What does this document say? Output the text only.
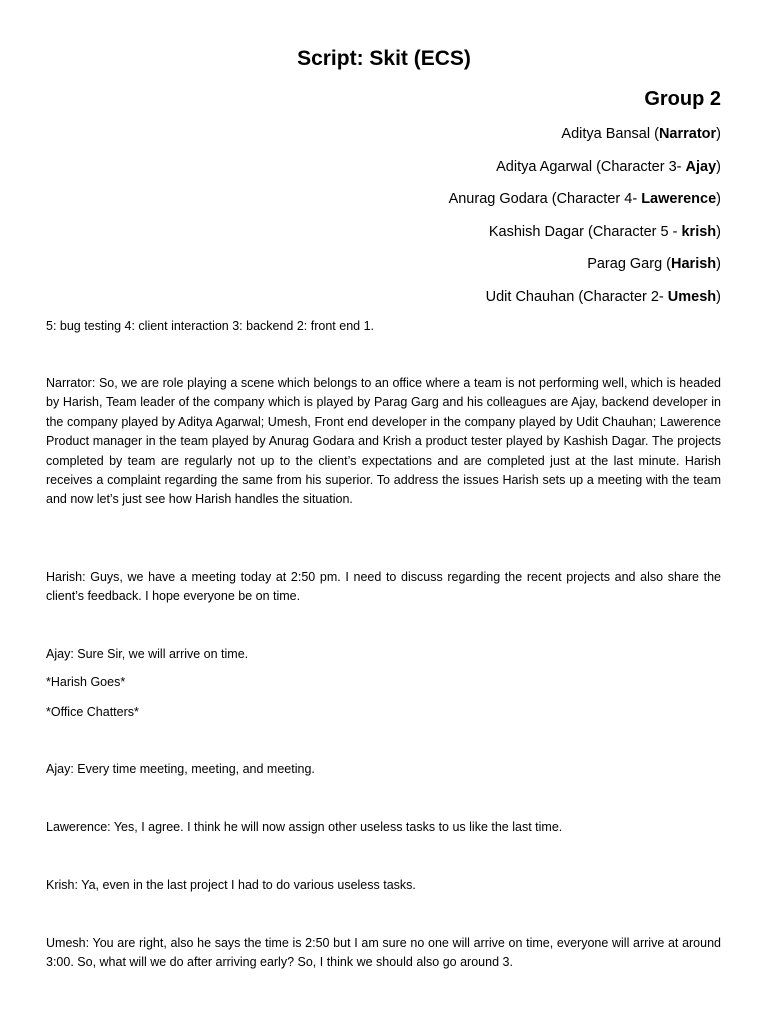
Script: Skit (ECS)
Group 2
Aditya Bansal (Narrator)
Aditya Agarwal (Character 3- Ajay)
Anurag Godara (Character 4- Lawerence)
Kashish Dagar (Character 5 - krish)
Parag Garg (Harish)
Udit Chauhan (Character 2- Umesh)

5: bug testing 4: client interaction 3: backend 2: front end 1.

Narrator: So, we are role playing a scene which belongs to an office where a team is not performing well, which is headed by Harish, Team leader of the company which is played by Parag Garg and his colleagues are Ajay, backend developer in the company played by Aditya Agarwal; Umesh, Front end developer in the company played by Udit Chauhan; Lawerence Product manager in the team played by Anurag Godara and Krish a product tester played by Kashish Dagar. The projects completed by team are regularly not up to the client’s expectations and are completed just at the last minute. Harish receives a complaint regarding the same from his superior. To address the issues Harish sets up a meeting with the team and now let’s just see how Harish handles the situation.

Harish: Guys, we have a meeting today at 2:50 pm. I need to discuss regarding the recent projects and also share the client’s feedback. I hope everyone be on time.

Ajay: Sure Sir, we will arrive on time.

*Harish Goes*

*Office Chatters*

Ajay: Every time meeting, meeting, and meeting.

Lawerence: Yes, I agree. I think he will now assign other useless tasks to us like the last time.

Krish: Ya, even in the last project I had to do various useless tasks.

Umesh: You are right, also he says the time is 2:50 but I am sure no one will arrive on time, everyone will arrive at around 3:00. So, what will we do after arriving early? So, I think we should also go around 3.
